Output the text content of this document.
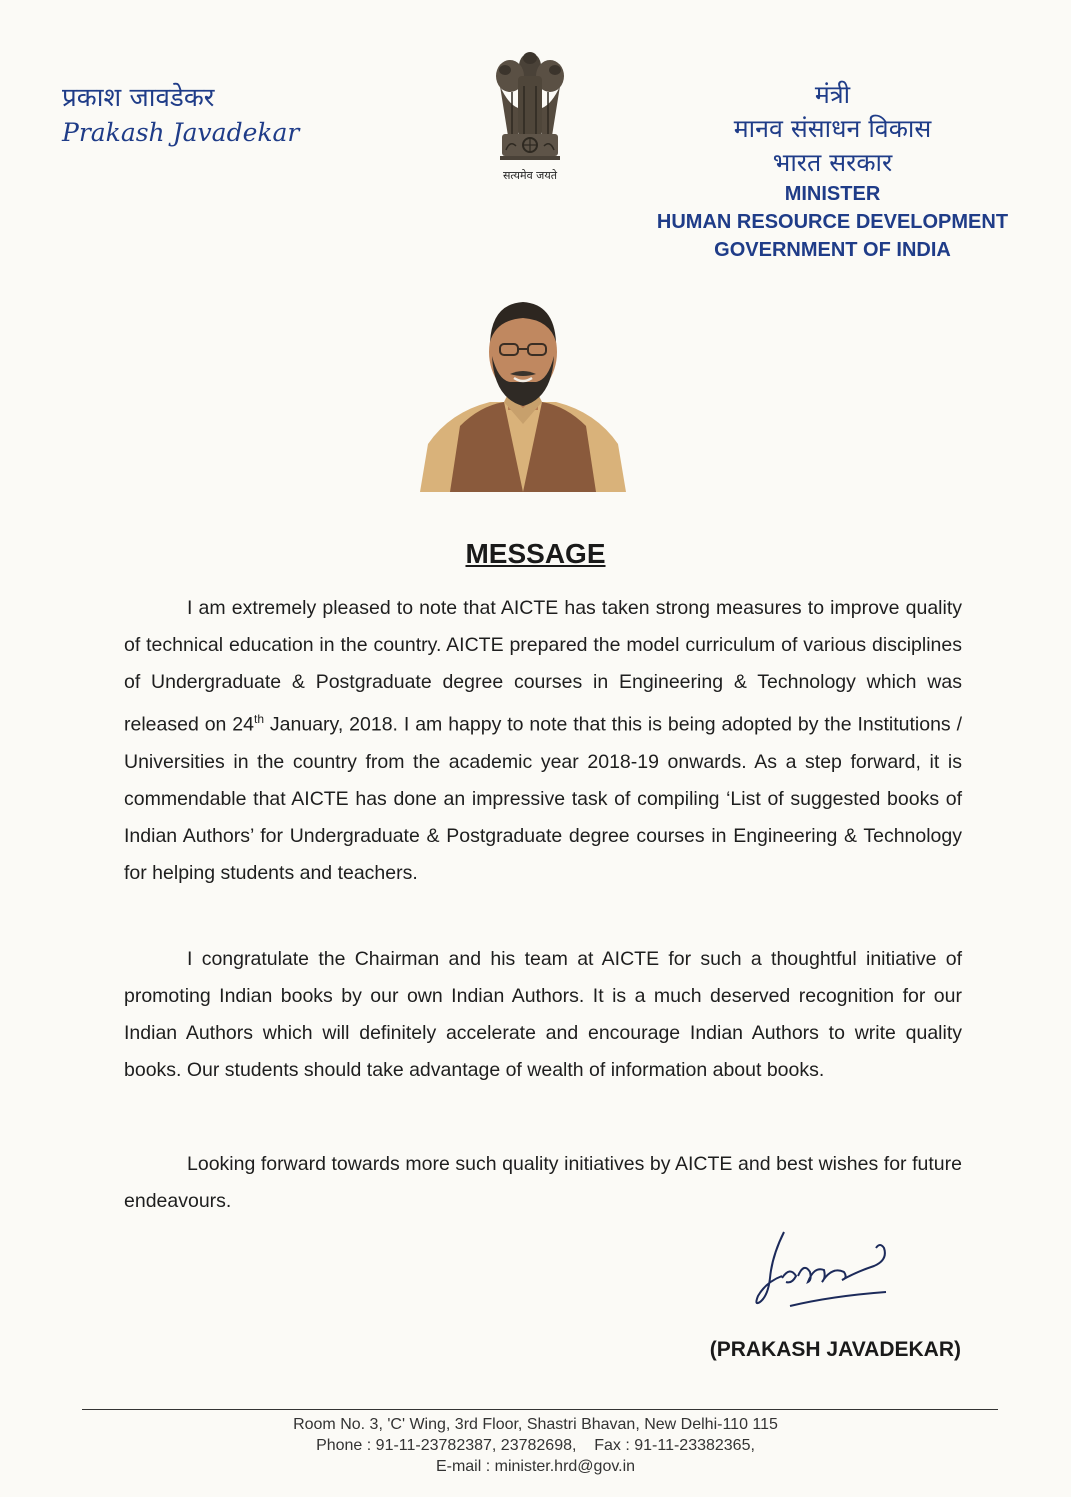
प्रकाश जावडेकर

Prakash Javadekar

सत्यमेव जयते

मंत्री

मानव संसाधन विकास

भारत सरकार

MINISTER

HUMAN RESOURCE DEVELOPMENT

GOVERNMENT OF INDIA

MESSAGE

I am extremely pleased to note that AICTE has taken strong measures to improve quality of technical education in the country. AICTE prepared the model curriculum of various disciplines of Undergraduate & Postgraduate degree courses in Engineering & Technology which was released on 24th January, 2018. I am happy to note that this is being adopted by the Institutions / Universities in the country from the academic year 2018-19 onwards. As a step forward, it is commendable that AICTE has done an impressive task of compiling ‘List of suggested books of Indian Authors’ for Undergraduate & Postgraduate degree courses in Engineering & Technology for helping students and teachers.

I congratulate the Chairman and his team at AICTE for such a thoughtful initiative of promoting Indian books by our own Indian Authors. It is a much deserved recognition for our Indian Authors which will definitely accelerate and encourage Indian Authors to write quality books. Our students should take advantage of wealth of information about books.

Looking forward towards more such quality initiatives by AICTE and best wishes for future endeavours.

(PRAKASH JAVADEKAR)
Room No. 3, 'C' Wing, 3rd Floor, Shastri Bhavan, New Delhi-110 115
Phone : 91-11-23782387, 23782698,    Fax : 91-11-23382365,
E-mail : minister.hrd@gov.in
